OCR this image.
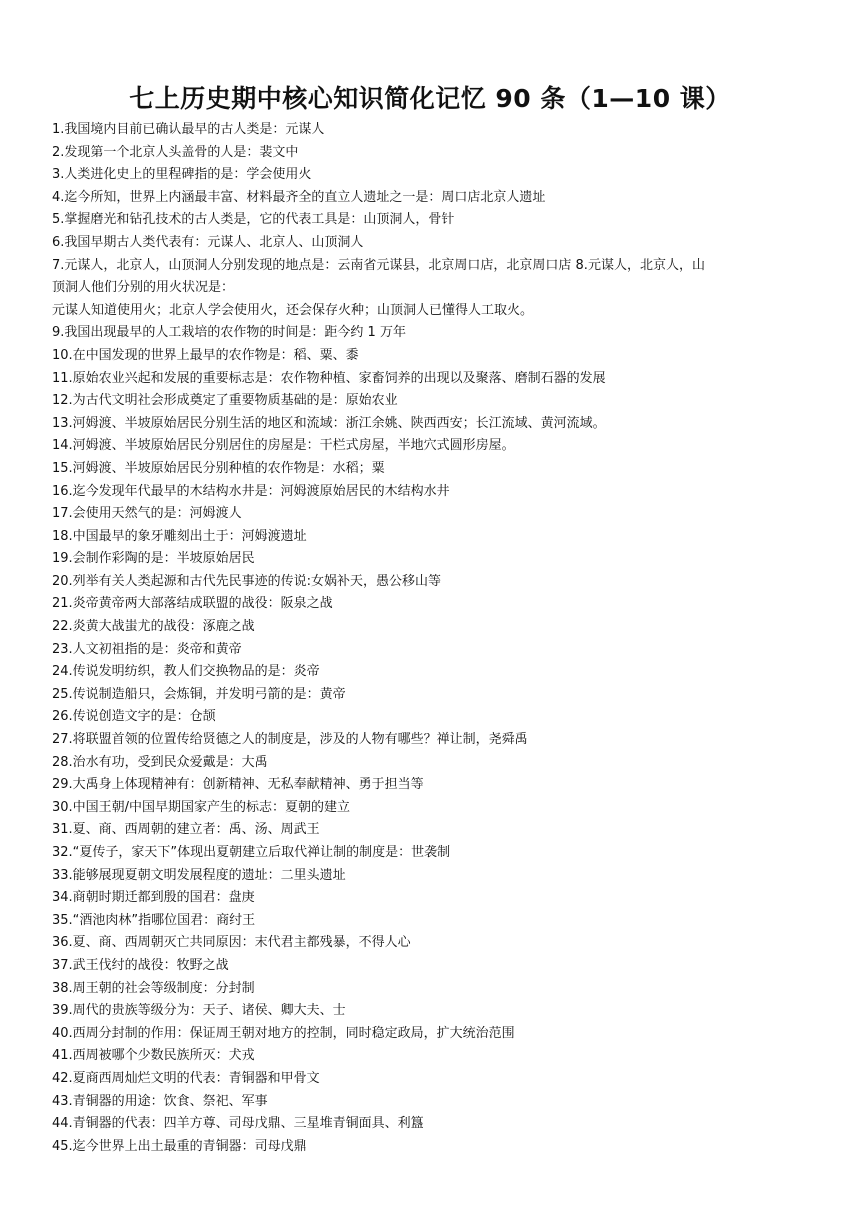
七上历史期中核心知识简化记忆 90 条（1—10 课）
1.我国境内目前已确认最早的古人类是：元谋人
2.发现第一个北京人头盖骨的人是：裴文中
3.人类进化史上的里程碑指的是：学会使用火
4.迄今所知，世界上内涵最丰富、材料最齐全的直立人遗址之一是：周口店北京人遗址
5.掌握磨光和钻孔技术的古人类是，它的代表工具是：山顶洞人，骨针
6.我国早期古人类代表有：元谋人、北京人、山顶洞人
7.元谋人，北京人，山顶洞人分别发现的地点是：云南省元谋县，北京周口店，北京周口店 8.元谋人，北京人，山
顶洞人他们分别的用火状况是：
元谋人知道使用火；北京人学会使用火，还会保存火种；山顶洞人已懂得人工取火。
9.我国出现最早的人工栽培的农作物的时间是：距今约 1 万年
10.在中国发现的世界上最早的农作物是：稻、粟、黍
11.原始农业兴起和发展的重要标志是：农作物种植、家畜饲养的出现以及聚落、磨制石器的发展
12.为古代文明社会形成奠定了重要物质基础的是：原始农业
13.河姆渡、半坡原始居民分别生活的地区和流域：浙江余姚、陕西西安；长江流域、黄河流域。
14.河姆渡、半坡原始居民分别居住的房屋是：干栏式房屋，半地穴式圆形房屋。
15.河姆渡、半坡原始居民分别种植的农作物是：水稻；粟
16.迄今发现年代最早的木结构水井是：河姆渡原始居民的木结构水井
17.会使用天然气的是：河姆渡人
18.中国最早的象牙雕刻出土于：河姆渡遗址
19.会制作彩陶的是：半坡原始居民
20.列举有关人类起源和古代先民事迹的传说:女娲补天，愚公移山等
21.炎帝黄帝两大部落结成联盟的战役：阪泉之战
22.炎黄大战蚩尤的战役：涿鹿之战
23.人文初祖指的是：炎帝和黄帝
24.传说发明纺织，教人们交换物品的是：炎帝
25.传说制造船只，会炼铜，并发明弓箭的是：黄帝
26.传说创造文字的是：仓颉
27.将联盟首领的位置传给贤德之人的制度是，涉及的人物有哪些？禅让制，尧舜禹
28.治水有功，受到民众爱戴是：大禹
29.大禹身上体现精神有：创新精神、无私奉献精神、勇于担当等
30.中国王朝/中国早期国家产生的标志：夏朝的建立
31.夏、商、西周朝的建立者：禹、汤、周武王
32.“夏传子，家天下”体现出夏朝建立后取代禅让制的制度是：世袭制
33.能够展现夏朝文明发展程度的遗址：二里头遗址
34.商朝时期迁都到殷的国君：盘庚
35.“酒池肉林”指哪位国君：商纣王
36.夏、商、西周朝灭亡共同原因：末代君主都残暴，不得人心
37.武王伐纣的战役：牧野之战
38.周王朝的社会等级制度：分封制
39.周代的贵族等级分为：天子、诸侯、卿大夫、士
40.西周分封制的作用：保证周王朝对地方的控制，同时稳定政局，扩大统治范围
41.西周被哪个少数民族所灭：犬戎
42.夏商西周灿烂文明的代表：青铜器和甲骨文
43.青铜器的用途：饮食、祭祀、军事
44.青铜器的代表：四羊方尊、司母戊鼎、三星堆青铜面具、利簋
45.迄今世界上出土最重的青铜器：司母戊鼎
